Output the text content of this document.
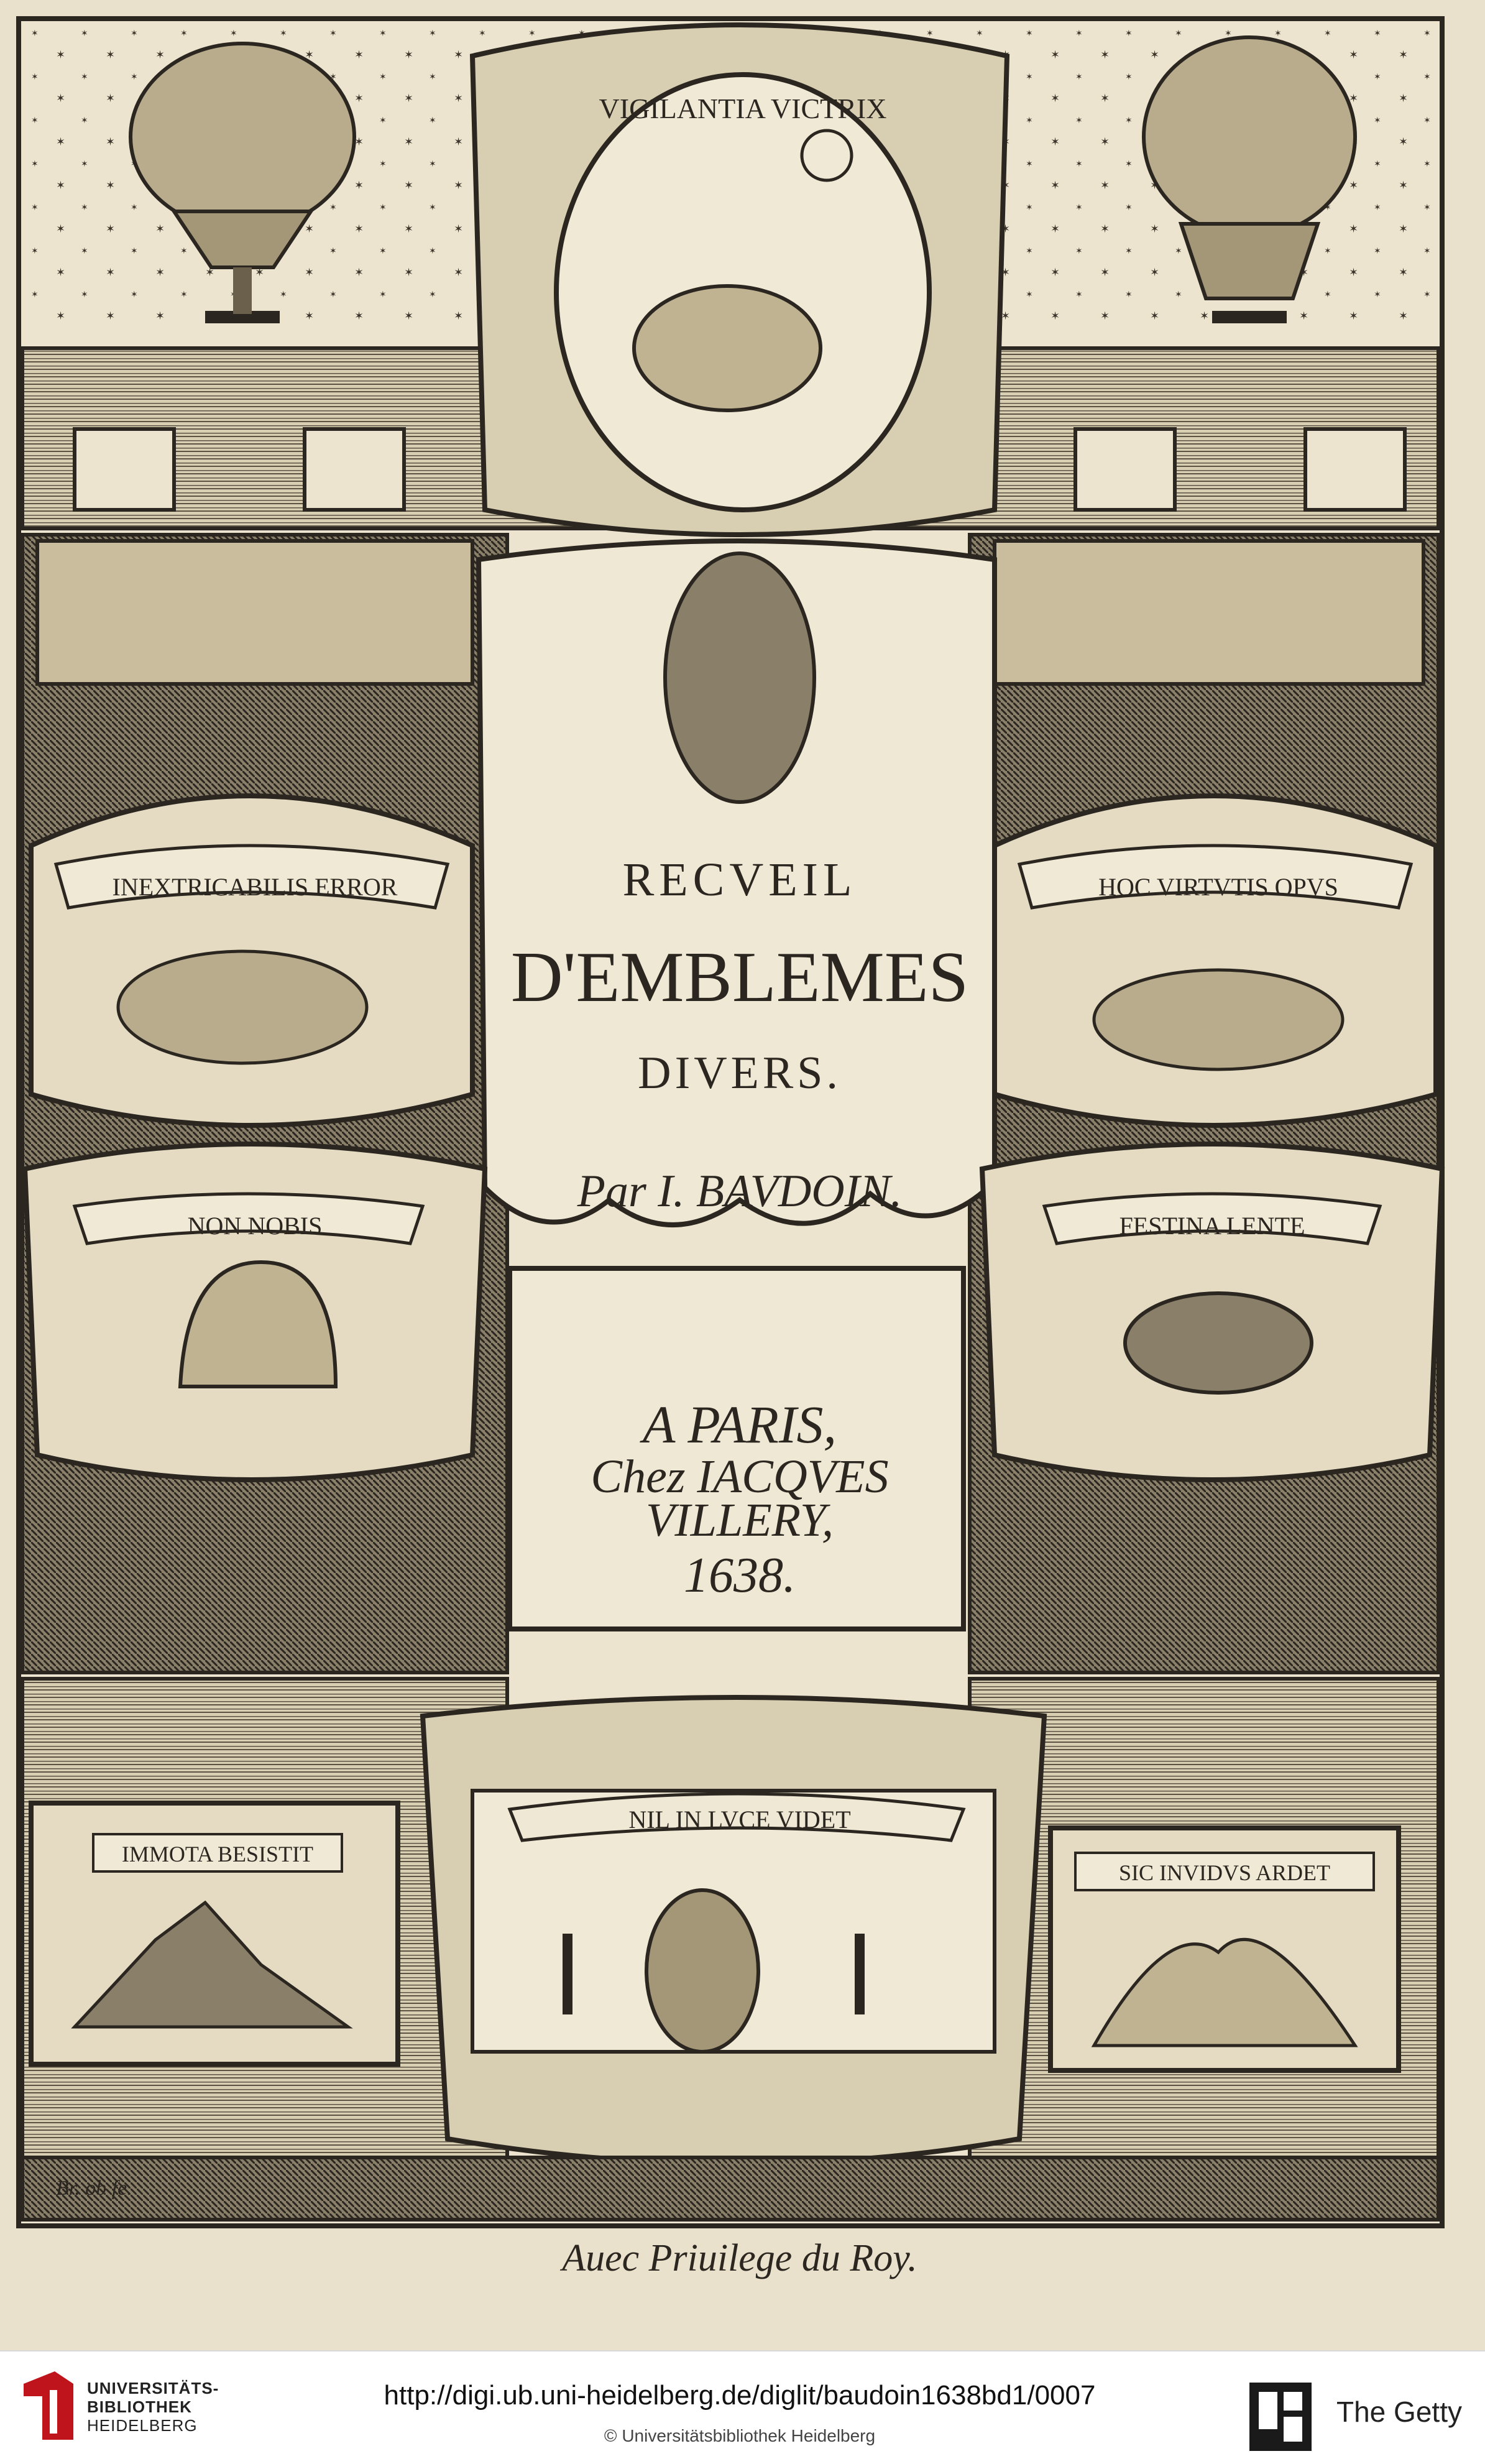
VIGILANTIA VICTRIX
RECVEIL
D'EMBLEMES
DIVERS.
Par I. BAVDOIN.
A PARIS,
Chez IACQVES
VILLERY,
1638.
INEXTRICABILIS ERROR	HOC VIRTVTIS OPVS
NON NOBIS	FESTINA LENTE
IMMOTA BESISTIT
SIC INVIDVS ARDET
NIL IN LVCE VIDET
Br. ob fe.
Auec Priuilege du Roy.
UNIVERSITÄTS-
BIBLIOTHEK
HEIDELBERG
http://digi.ub.uni-heidelberg.de/diglit/baudoin1638bd1/0007
© Universitätsbibliothek Heidelberg
The Getty
